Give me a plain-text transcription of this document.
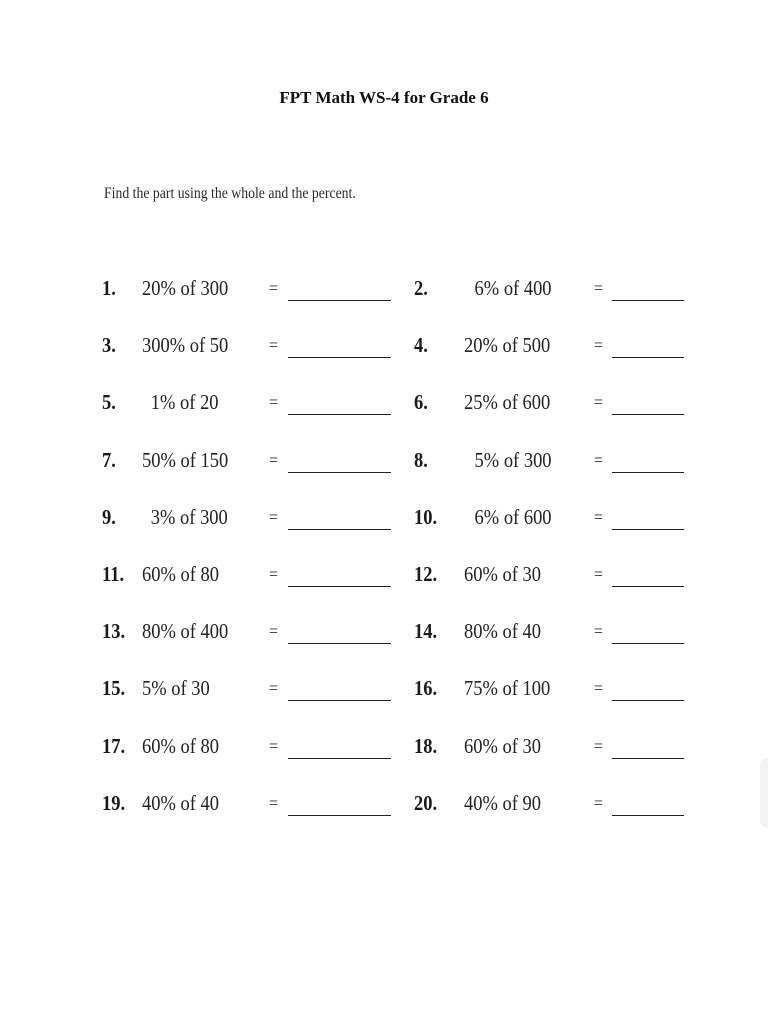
FPT Math WS-4 for Grade 6
Find the part using the whole and the percent.
1. 20% of 300 =	2.	6% of 400 =
3. 300% of 50 =	4. 20% of 500 =
5.	1% of 20	=	6. 25% of 600 =
7. 50% of 150 =	8.	5% of 300 =
9.	3% of 300 =	10.	6% of 600 =
11. 60% of 80	=	12. 60% of 30	=
13. 80% of 400 =	14. 80% of 40	=
15. 5% of 30	=	16. 75% of 100 =
17. 60% of 80	=	18. 60% of 30	=
19. 40% of 40	=	20. 40% of 90	=
